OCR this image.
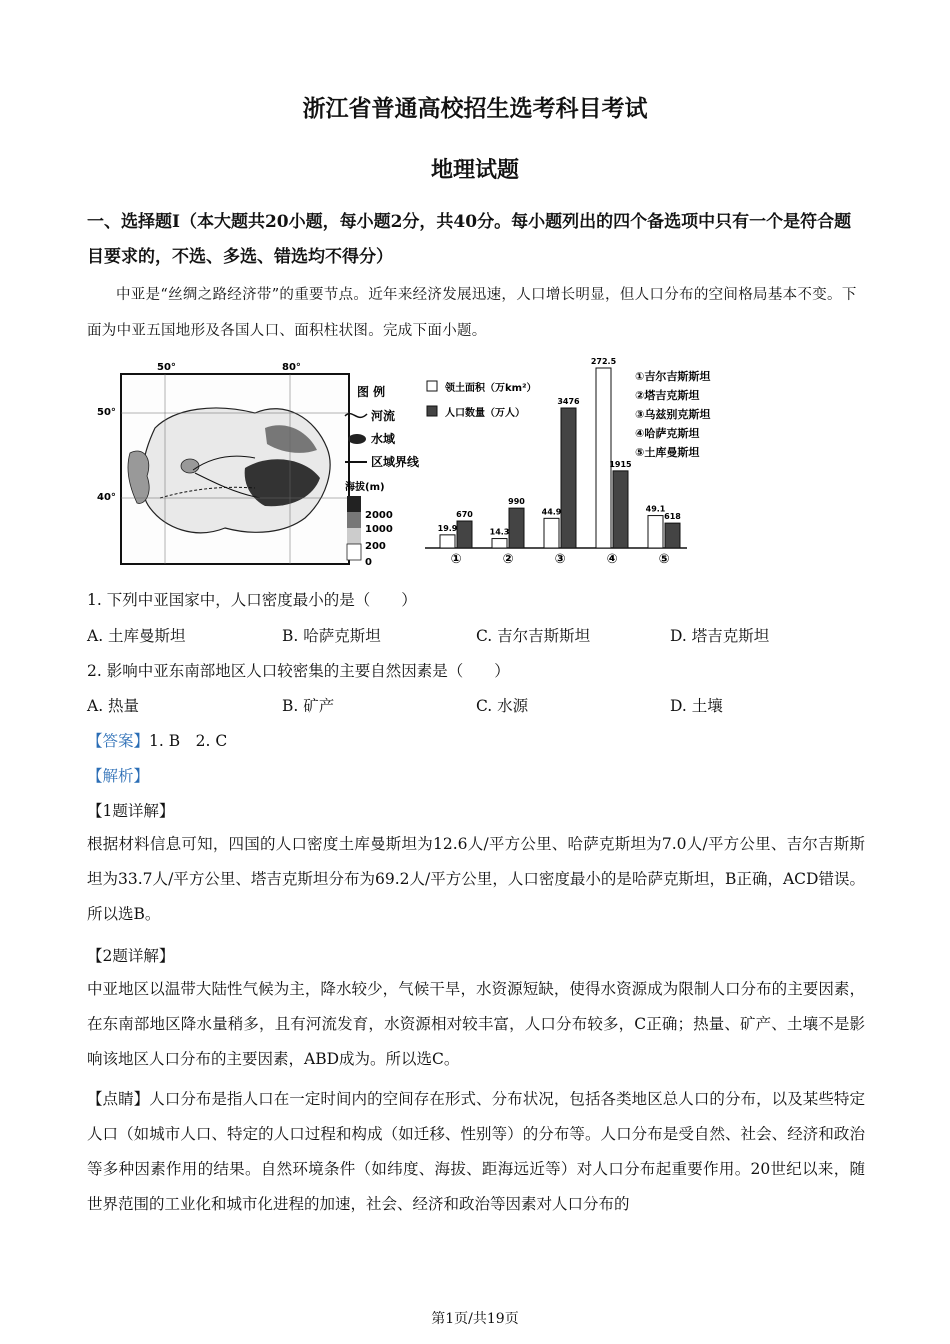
浙江省普通高校招生选考科目考试
地理试题
一、选择题Ⅰ（本大题共20小题，每小题2分，共40分。每小题列出的四个备选项中只有一个是符合题目要求的，不选、多选、错选均不得分）
中亚是“丝绸之路经济带”的重要节点。近年来经济发展迅速，人口增长明显，但人口分布的空间格局基本不变。下面为中亚五国地形及各国人口、面积柱状图。完成下面小题。
50°	80°
50°
40°
图 例
河流
水域
区域界线
海拔(m)
2000
1000
200
0
19.9
670
①
14.3
990
②
44.9
3476
③
272.5
1915
④
49.1
618
⑤
领土面积（万km²）
人口数量（万人）
①吉尔吉斯斯坦
②塔吉克斯坦
③乌兹别克斯坦
④哈萨克斯坦
⑤土库曼斯坦
1. 下列中亚国家中，人口密度最小的是（　　）
A. 土库曼斯坦	B. 哈萨克斯坦	C. 吉尔吉斯斯坦	D. 塔吉克斯坦
2. 影响中亚东南部地区人口较密集的主要自然因素是（　　）
A. 热量	B. 矿产	C. 水源	D. 土壤
【答案】1. B　2. C
【解析】
【1题详解】
根据材料信息可知，四国的人口密度土库曼斯坦为12.6人/平方公里、哈萨克斯坦为7.0人/平方公里、吉尔吉斯斯坦为33.7人/平方公里、塔吉克斯坦分布为69.2人/平方公里，人口密度最小的是哈萨克斯坦，B正确，ACD错误。所以选B。
【2题详解】
中亚地区以温带大陆性气候为主，降水较少，气候干旱，水资源短缺，使得水资源成为限制人口分布的主要因素，在东南部地区降水量稍多，且有河流发育，水资源相对较丰富，人口分布较多，C正确；热量、矿产、土壤不是影响该地区人口分布的主要因素，ABD成为。所以选C。
【点睛】人口分布是指人口在一定时间内的空间存在形式、分布状况，包括各类地区总人口的分布，以及某些特定人口（如城市人口、特定的人口过程和构成（如迁移、性别等）的分布等。人口分布是受自然、社会、经济和政治等多种因素作用的结果。自然环境条件（如纬度、海拔、距海远近等）对人口分布起重要作用。20世纪以来，随世界范围的工业化和城市化进程的加速，社会、经济和政治等因素对人口分布的
第1页/共19页
